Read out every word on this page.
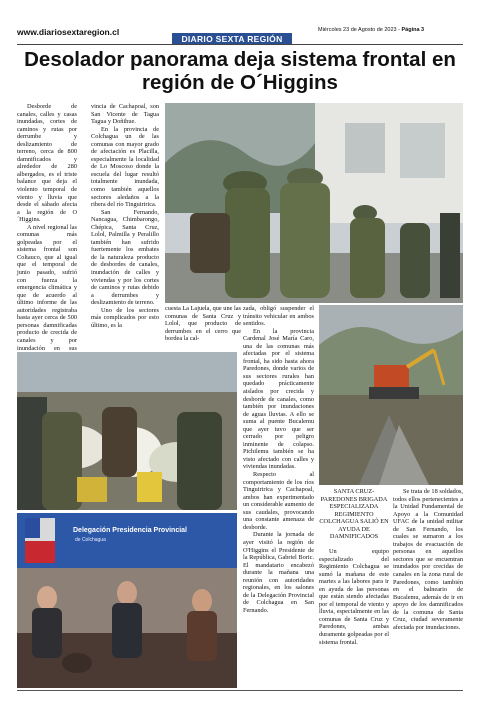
www.diariosextaregion.cl
DIARIO SEXTA REGIÓN
Miércoles 23 de Agosto de 2023 - Página 3
Desolador panorama deja sistema frontal en región de O´Higgins

Desborde de canales, calles y casas inundadas, cortes de caminos y rutas por derrumbe y deslizamiento de terreno, cerca de 800 damnificados y alrededor de 280 albergados, es el triste balance que deja el violento temporal de viento y lluvia que desde el sábado afecta a la región de O´Higgins.

A nivel regional las comunas más golpeadas por el sistema frontal son Coltauco, que al igual que el temporal de junio pasado, sufrió con fuerza la emergencia climática y que de acuerdo al último informe de las autoridades registraba hasta ayer cerca de 500 personas damnificadas producto de crecida de canales y por inundación en sus

vincia de Cachapoal, son San Vicente de Tagua Tagua y Doñihue.

En la provincia de Colchagua un de las comunas con mayor grado de afectación es Placilla, especialmente la localidad de Lo Moscoso donde la escuela del lugar resultó totalmente inundada, como también aquellos sectores aledaños a la ribera del río Tinguiririca.

San Fernando, Nancagua, Chimbarongo, Chépica, Santa Cruz, Lolol, Palmilla y Peralillo también han sufrido fuertemente los embates de la naturaleza producto de desbordes de canales, inundación de calles y viviendas y por los cortes de caminos y rutas debido a derrumbes y deslizamiento de terreno.

Uno de los sectores más complicados por esto último, es la

cuesta La Lajuela, que une las comunas de Santa Cruz y Lolol, que producto de derrumbes en el cerro que bordea la cal-

Delegación Presidencia Provincial
de Colchagua

zada, obligó suspender el tránsito vehicular en ambos sentidos.

En la provincia Cardenal José María Caro, una de las comunas más afectadas por el sistema frontal, ha sido hasta ahora Paredones, donde varios de sus sectores rurales han quedado prácticamente aislados por crecida y desborde de canales, como también por inundaciones de aguas lluvias. A ello se suma al puente Bucalemu que ayer tuvo que ser cerrado por peligro inminente de colapso. Pichilemu también se ha visto afectado con calles y viviendas inundadas.

Respecto al comportamiento de los ríos Tinguiririca y Cachapoal, ambos han experimentado un considerable aumento de sus caudales, provocando una constante amenaza de desborde.

Durante la jornada de ayer visitó la región de O'Higgins el Presidente de la República, Gabriel Boric. El mandatario encabezó durante la mañana una reunión con autoridades regionales, en los salones de la Delegación Provincial de Colchagua en San Fernando.

SANTA CRUZ- PAREDONES BRIGADA ESPECIALIZADA REGIMIENTO COLCHAGUA SALIÓ EN AYUDA DE DAMNIFICADOS

Un equipo especializado del Regimiento Colchagua se sumó la mañana de este martes a las labores para ir en ayuda de las personas que están siendo afectadas por el temporal de viento y lluvia, especialmente en las comunas de Santa Cruz y Paredones, ambas duramente golpeadas por el sistema frontal.

Se trata de 18 soldados, todos ellos pertenecientes a la Unidad Fundamental de Apoyo a la Comunidad UFAC de la unidad militar de San Fernando, los cuales se sumaron a los trabajos de evacuación de personas en aquellos sectores que se encuentran inundados por crecidas de canales en la zona rural de Paredones, como también en el balneario de Bucalemu, además de ir en apoyo de los damnificados de la comuna de Santa Cruz, ciudad severamente afectada por inundaciones.
